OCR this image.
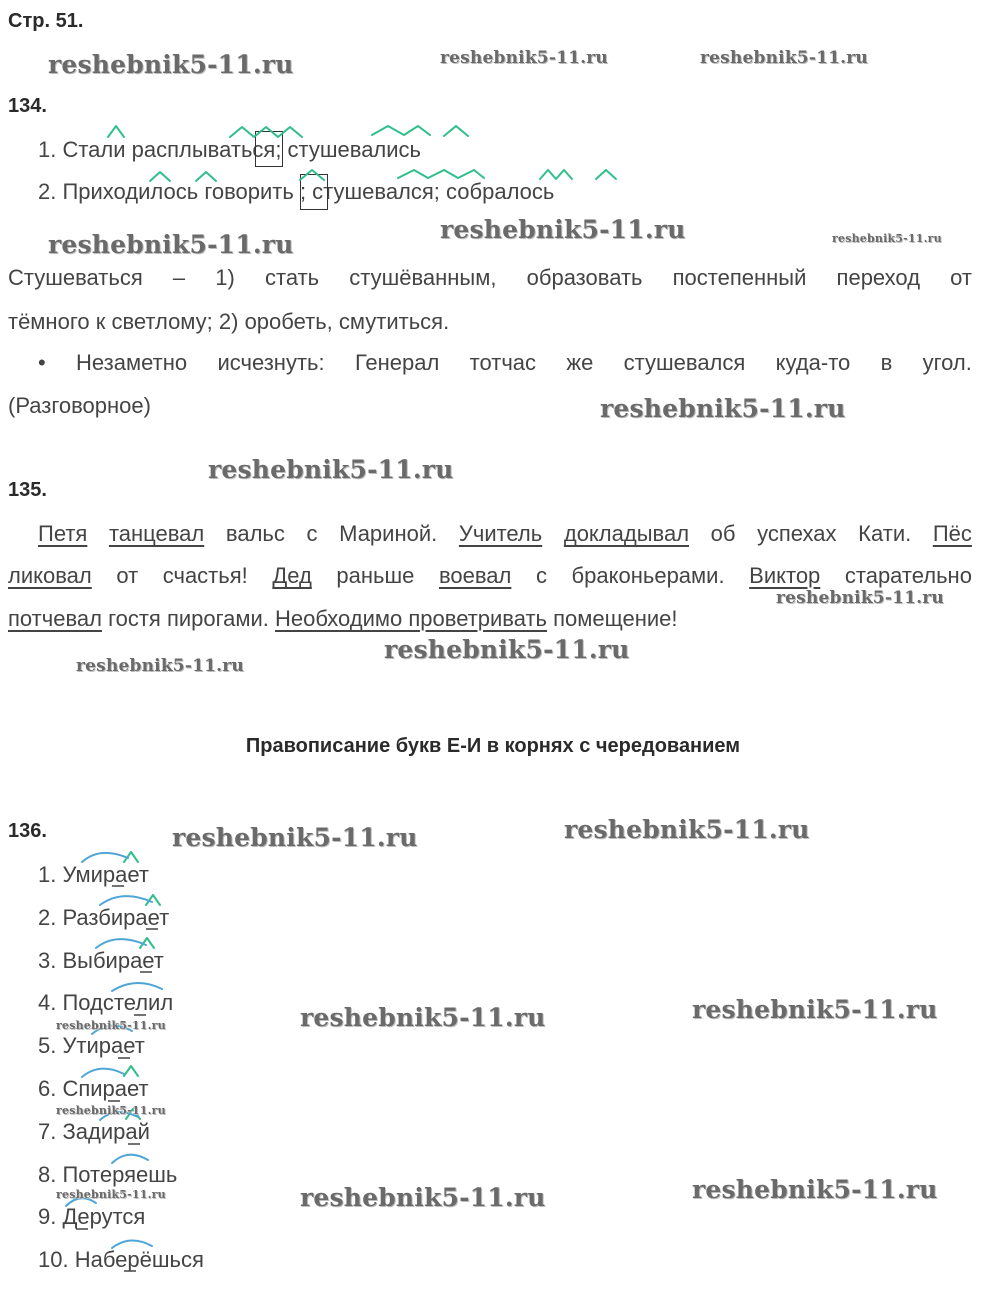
Стр. 51.
134.
1. Стали расплываться; стушевались
2. Приходилось говорить ; стушевался; собралось
Стушеваться – 1) стать стушёванным, образовать постепенный переход от
тёмного к светлому; 2) оробеть, смутиться.
• Незаметно исчезнуть: Генерал тотчас же стушевался куда-то в угол.
(Разговорное)
135.
Петя танцевал вальс с Мариной. Учитель докладывал об успехах Кати. Пёс
ликовал от счастья! Дед раньше воевал с браконьерами. Виктор старательно
потчевал гостя пирогами. Необходимо проветривать помещение!
Правописание букв Е-И в корнях с чередованием
136.
1. Умирает
2. Разбирает
3. Выбирает
4. Подстелил
5. Утирает
6. Спирает
7. Задирай
8. Потеряешь
9. Дерутся
10. Наберёшься
reshebnik5-11.ru	reshebnik5-11.ru	reshebnik5-11.ru
reshebnik5-11.ru
reshebnik5-11.ru	reshebnik5-11.ru
reshebnik5-11.ru
reshebnik5-11.ru
reshebnik5-11.ru
reshebnik5-11.ru
reshebnik5-11.ru
reshebnik5-11.ru	reshebnik5-11.ru
reshebnik5-11.ru	reshebnik5-11.ru
reshebnik5-11.ru
reshebnik5-11.ru
reshebnik5-11.ru	reshebnik5-11.ru	reshebnik5-11.ru
